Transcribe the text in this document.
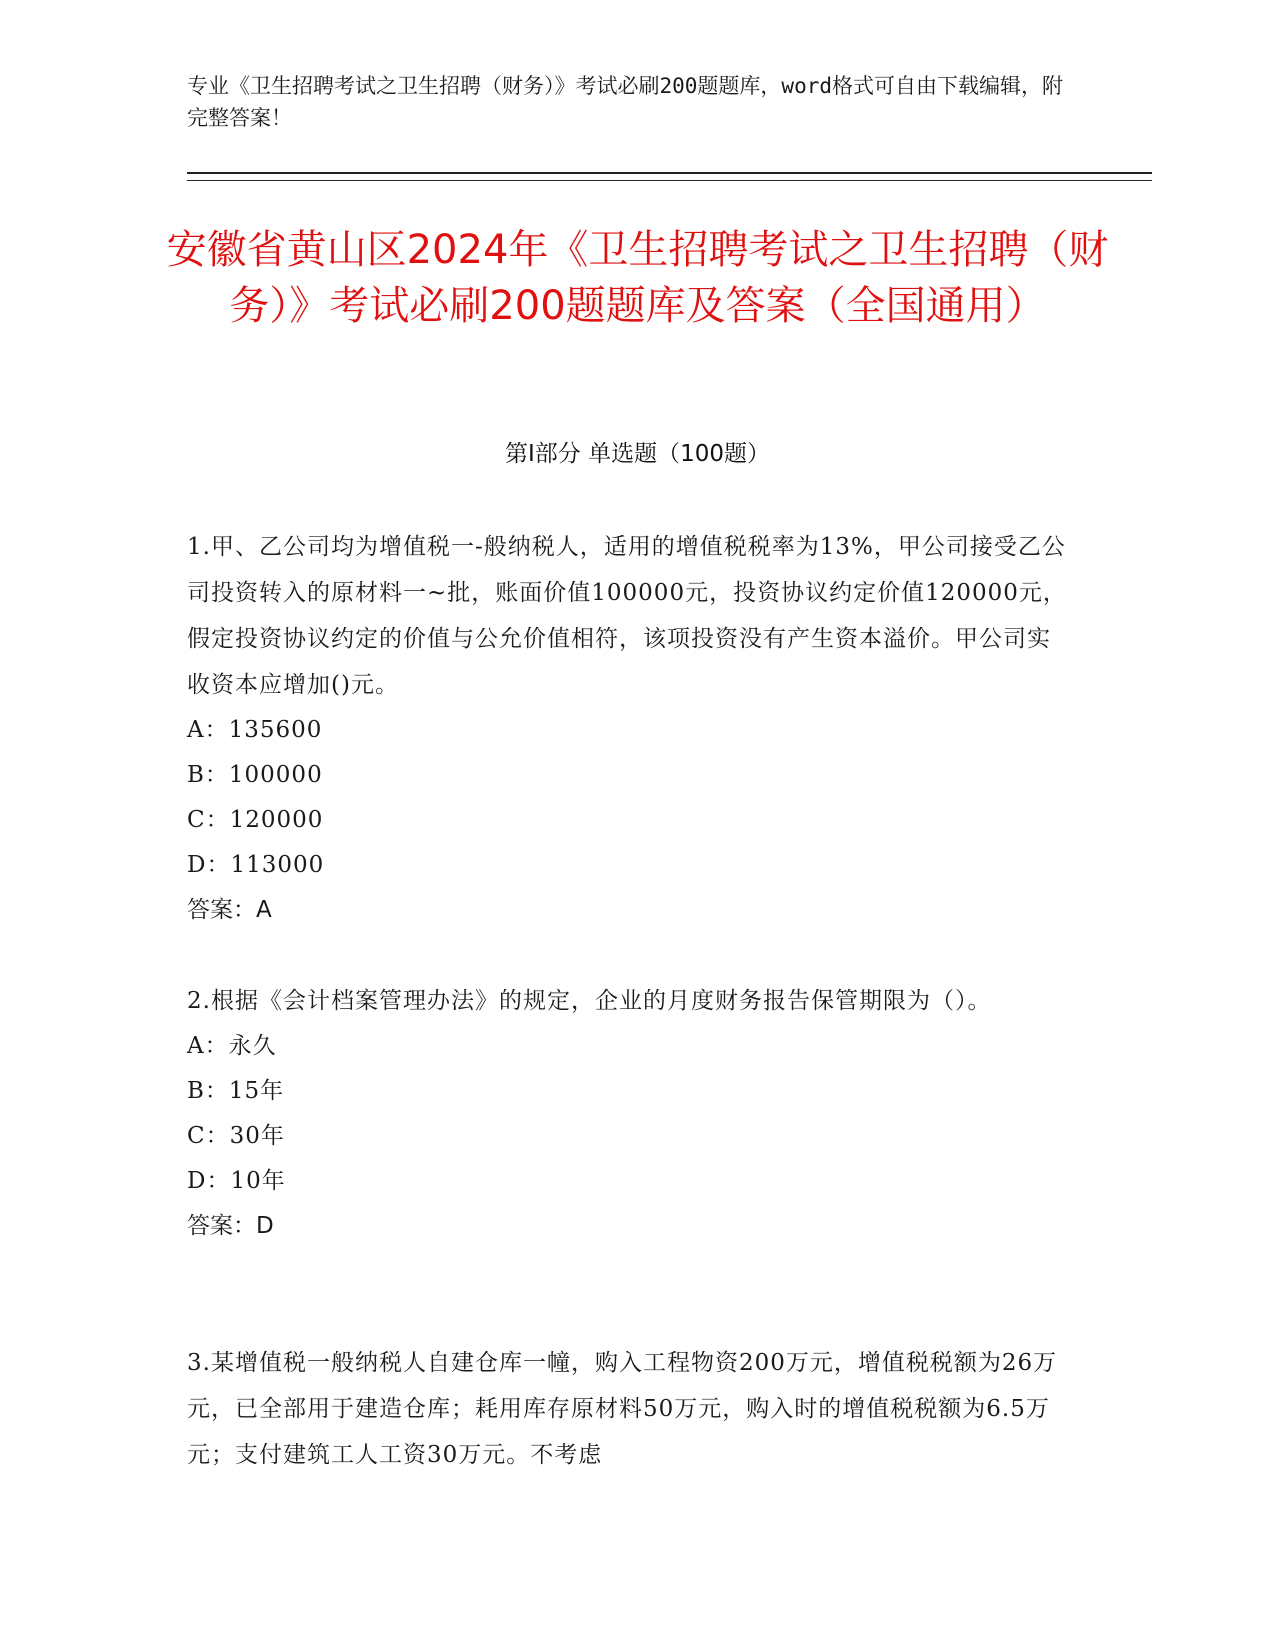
专业《卫生招聘考试之卫生招聘（财务）》考试必刷200题题库，word格式可自由下载编辑，附完整答案！
安徽省黄山区2024年《卫生招聘考试之卫生招聘（财务）》考试必刷200题题库及答案（全国通用）
第Ⅰ部分 单选题（100题）
1.甲、乙公司均为增值税一-般纳税人，适用的增值税税率为13%，甲公司接受乙公司投资转入的原材料一~批，账面价值100000元，投资协议约定价值120000元，假定投资协议约定的价值与公允价值相符，该项投资没有产生资本溢价。甲公司实收资本应增加()元。
A：135600
B：100000
C：120000
D：113000
答案：A
2.根据《会计档案管理办法》的规定，企业的月度财务报告保管期限为（）。
A：永久
B：15年
C：30年
D：10年
答案：D
3.某增值税一般纳税人自建仓库一幢，购入工程物资200万元，增值税税额为26万元，已全部用于建造仓库；耗用库存原材料50万元，购入时的增值税税额为6.5万元；支付建筑工人工资30万元。不考虑
